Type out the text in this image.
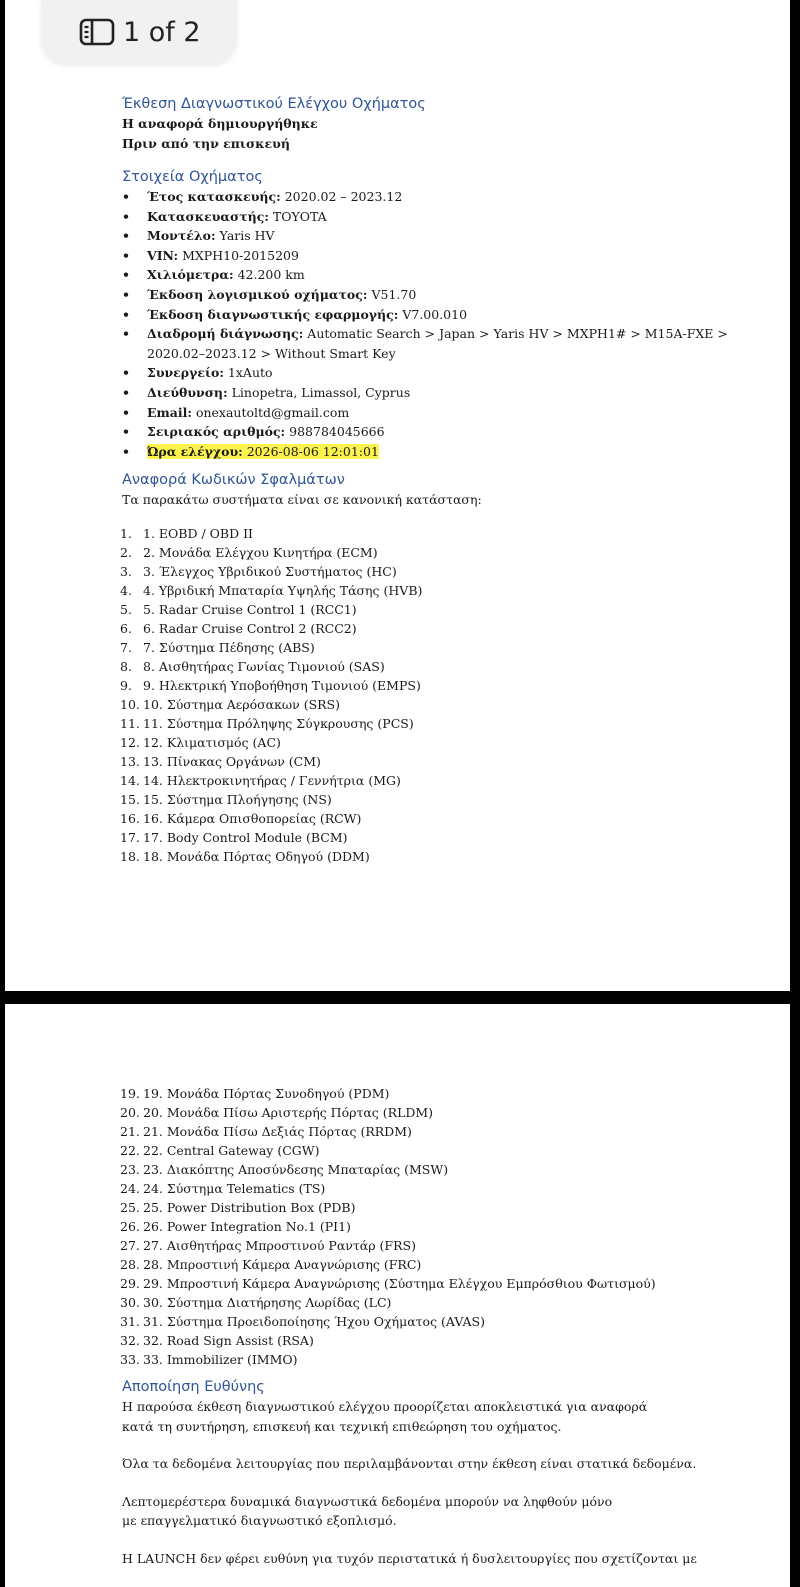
Έκθεση Διαγνωστικού Ελέγχου Οχήματος

Η αναφορά δημιουργήθηκε

Πριν από την επισκευή

Στοιχεία Οχήματος

• Έτος κατασκευής: 2020.02 – 2023.12
• Κατασκευαστής: TOYOTA
• Μοντέλο: Yaris HV
• VIN: MXPH10-2015209
• Χιλιόμετρα: 42.200 km
• Έκδοση λογισμικού οχήματος: V51.70
• Έκδοση διαγνωστικής εφαρμογής: V7.00.010
• Διαδρομή διάγνωσης: Automatic Search > Japan > Yaris HV > MXPH1# > M15A-FXE > 2020.02–2023.12 > Without Smart Key
• Συνεργείο: 1xAuto
• Διεύθυνση: Linopetra, Limassol, Cyprus
• Email: onexautoltd@gmail.com
• Σειριακός αριθμός: 988784045666
• Ώρα ελέγχου: 2026-08-06 12:01:01

Αναφορά Κωδικών Σφαλμάτων

Τα παρακάτω συστήματα είναι σε κανονική κατάσταση:

1. 1. EOBD / OBD II
2. 2. Μονάδα Ελέγχου Κινητήρα (ECM)
3. 3. Έλεγχος Υβριδικού Συστήματος (HC)
4. 4. Υβριδική Μπαταρία Υψηλής Τάσης (HVB)
5. 5. Radar Cruise Control 1 (RCC1)
6. 6. Radar Cruise Control 2 (RCC2)
7. 7. Σύστημα Πέδησης (ABS)
8. 8. Αισθητήρας Γωνίας Τιμονιού (SAS)
9. 9. Ηλεκτρική Υποβοήθηση Τιμονιού (EMPS)
10. 10. Σύστημα Αερόσακων (SRS)
11. 11. Σύστημα Πρόληψης Σύγκρουσης (PCS)
12. 12. Κλιματισμός (AC)
13. 13. Πίνακας Οργάνων (CM)
14. 14. Ηλεκτροκινητήρας / Γεννήτρια (MG)
15. 15. Σύστημα Πλοήγησης (NS)
16. 16. Κάμερα Οπισθοπορείας (RCW)
17. 17. Body Control Module (BCM)
18. 18. Μονάδα Πόρτας Οδηγού (DDM)
1 of 2
19. 19. Μονάδα Πόρτας Συνοδηγού (PDM)
20. 20. Μονάδα Πίσω Αριστερής Πόρτας (RLDM)
21. 21. Μονάδα Πίσω Δεξιάς Πόρτας (RRDM)
22. 22. Central Gateway (CGW)
23. 23. Διακόπτης Αποσύνδεσης Μπαταρίας (MSW)
24. 24. Σύστημα Telematics (TS)
25. 25. Power Distribution Box (PDB)
26. 26. Power Integration No.1 (PI1)
27. 27. Αισθητήρας Μπροστινού Ραντάρ (FRS)
28. 28. Μπροστινή Κάμερα Αναγνώρισης (FRC)
29. 29. Μπροστινή Κάμερα Αναγνώρισης (Σύστημα Ελέγχου Εμπρόσθιου Φωτισμού)
30. 30. Σύστημα Διατήρησης Λωρίδας (LC)
31. 31. Σύστημα Προειδοποίησης Ήχου Οχήματος (AVAS)
32. 32. Road Sign Assist (RSA)
33. 33. Immobilizer (IMMO)

Αποποίηση Ευθύνης

Η παρούσα έκθεση διαγνωστικού ελέγχου προορίζεται αποκλειστικά για αναφορά κατά τη συντήρηση, επισκευή και τεχνική επιθεώρηση του οχήματος.

Όλα τα δεδομένα λειτουργίας που περιλαμβάνονται στην έκθεση είναι στατικά δεδομένα.

Λεπτομερέστερα δυναμικά διαγνωστικά δεδομένα μπορούν να ληφθούν μόνο με επαγγελματικό διαγνωστικό εξοπλισμό.

Η LAUNCH δεν φέρει ευθύνη για τυχόν περιστατικά ή δυσλειτουργίες που σχετίζονται με
